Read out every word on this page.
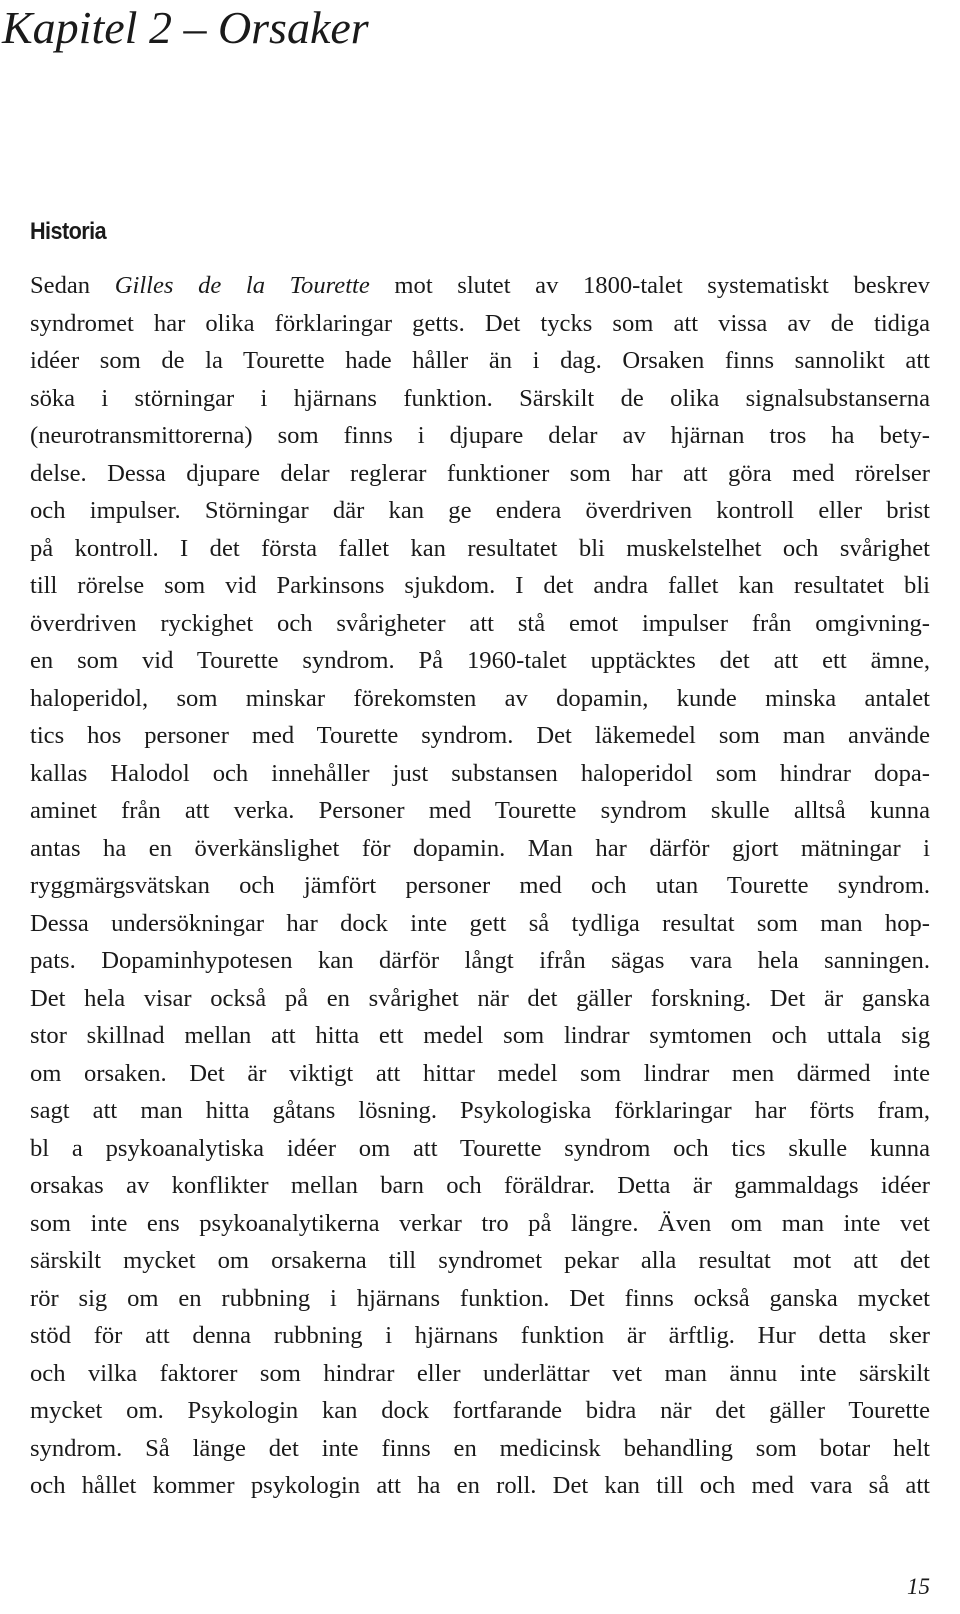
Kapitel 2 – Orsaker
Historia
Sedan Gilles de la Tourette mot slutet av 1800-talet systematiskt beskrev
syndromet har olika förklaringar getts. Det tycks som att vissa av de tidiga
idéer som de la Tourette hade håller än i dag. Orsaken finns sannolikt att
söka i störningar i hjärnans funktion. Särskilt de olika signalsubstanserna
(neurotransmittorerna) som finns i djupare delar av hjärnan tros ha bety-
delse. Dessa djupare delar reglerar funktioner som har att göra med rörelser
och impulser. Störningar där kan ge endera överdriven kontroll eller brist
på kontroll. I det första fallet kan resultatet bli muskelstelhet och svårighet
till rörelse som vid Parkinsons sjukdom. I det andra fallet kan resultatet bli
överdriven ryckighet och svårigheter att stå emot impulser från omgivning-
en som vid Tourette syndrom. På 1960-talet upptäcktes det att ett ämne,
haloperidol, som minskar förekomsten av dopamin, kunde minska antalet
tics hos personer med Tourette syndrom. Det läkemedel som man använde
kallas Halodol och innehåller just substansen haloperidol som hindrar dopa-
aminet från att verka. Personer med Tourette syndrom skulle alltså kunna
antas ha en överkänslighet för dopamin. Man har därför gjort mätningar i
ryggmärgsvätskan och jämfört personer med och utan Tourette syndrom.
Dessa undersökningar har dock inte gett så tydliga resultat som man hop-
pats. Dopaminhypotesen kan därför långt ifrån sägas vara hela sanningen.
Det hela visar också på en svårighet när det gäller forskning. Det är ganska
stor skillnad mellan att hitta ett medel som lindrar symtomen och uttala sig
om orsaken. Det är viktigt att hittar medel som lindrar men därmed inte
sagt att man hitta gåtans lösning. Psykologiska förklaringar har förts fram,
bl a psykoanalytiska idéer om att Tourette syndrom och tics skulle kunna
orsakas av konflikter mellan barn och föräldrar. Detta är gammaldags idéer
som inte ens psykoanalytikerna verkar tro på längre. Även om man inte vet
särskilt mycket om orsakerna till syndromet pekar alla resultat mot att det
rör sig om en rubbning i hjärnans funktion. Det finns också ganska mycket
stöd för att denna rubbning i hjärnans funktion är ärftlig. Hur detta sker
och vilka faktorer som hindrar eller underlättar vet man ännu inte särskilt
mycket om. Psykologin kan dock fortfarande bidra när det gäller Tourette
syndrom. Så länge det inte finns en medicinsk behandling som botar helt
och hållet kommer psykologin att ha en roll. Det kan till och med vara så att
15
